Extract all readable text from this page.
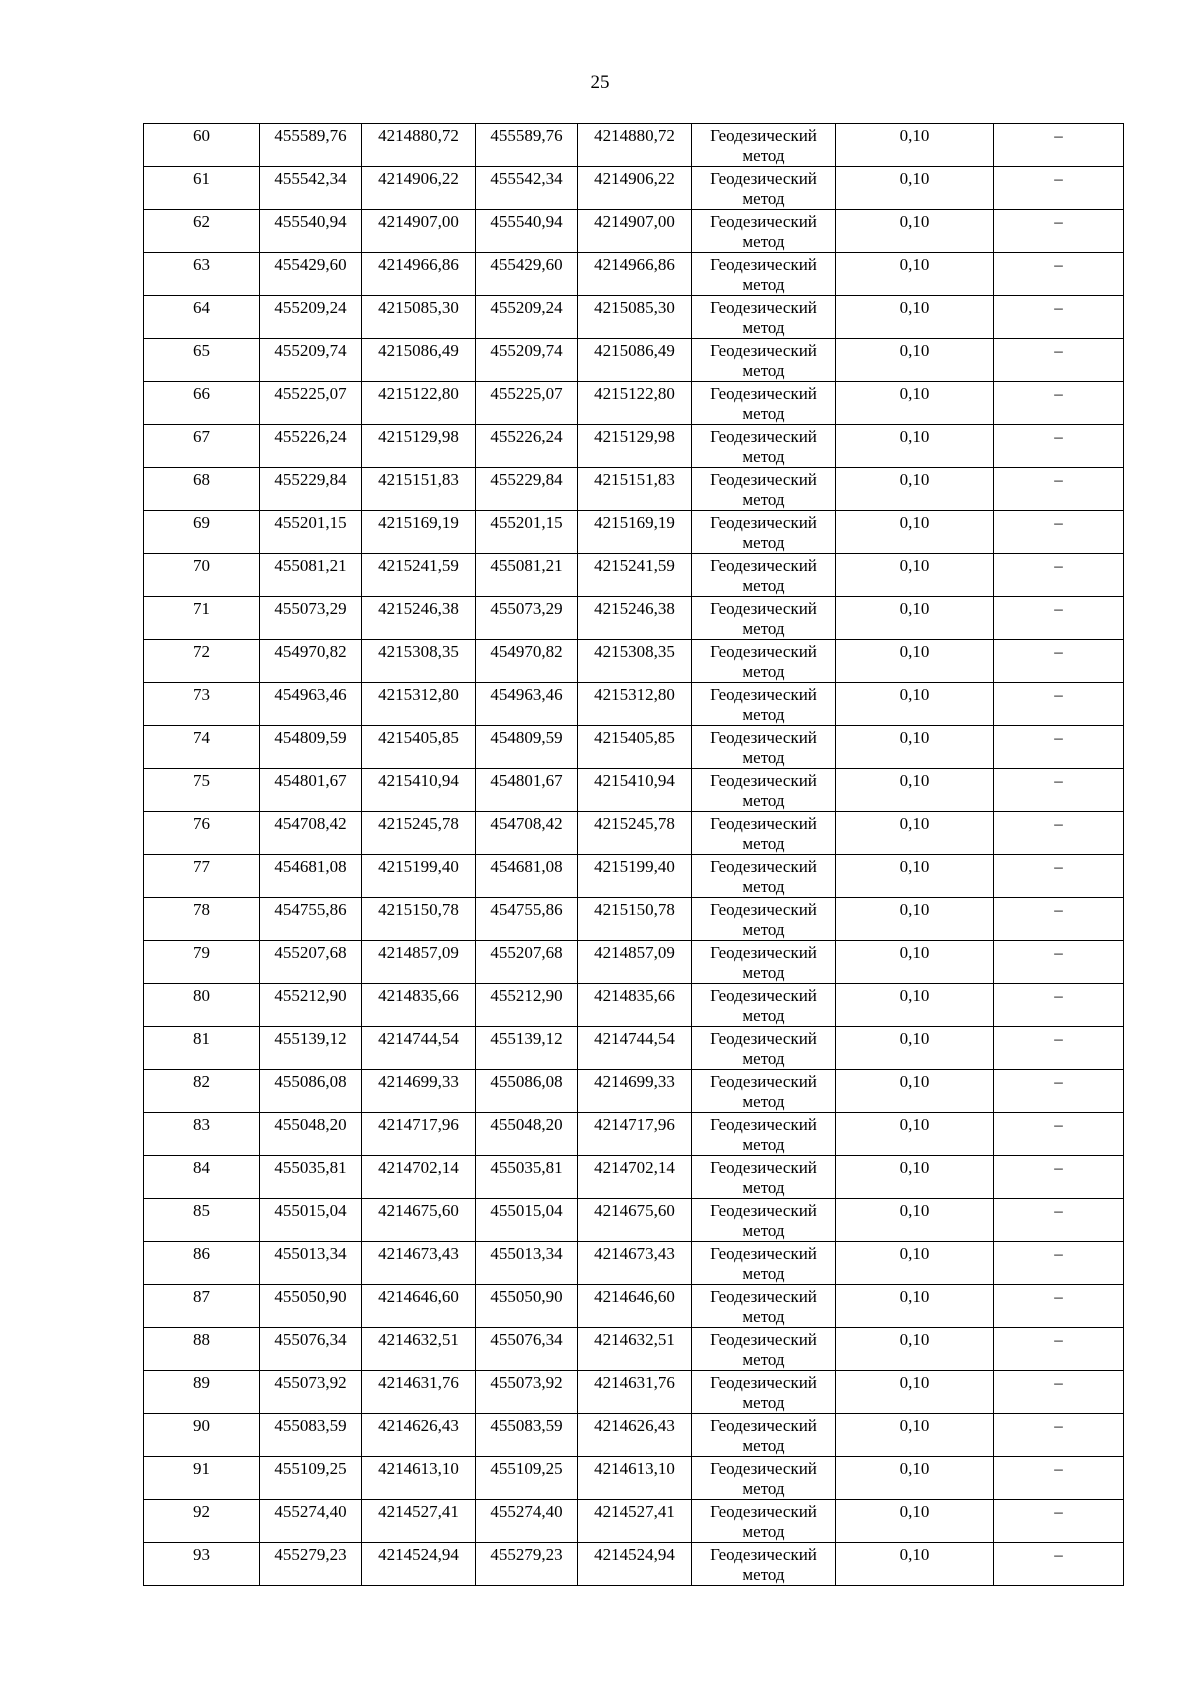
25
60	455589,76	4214880,72	455589,76	4214880,72	Геодезический метод	0,10	–
61	455542,34	4214906,22	455542,34	4214906,22	Геодезический метод	0,10	–
62	455540,94	4214907,00	455540,94	4214907,00	Геодезический метод	0,10	–
63	455429,60	4214966,86	455429,60	4214966,86	Геодезический метод	0,10	–
64	455209,24	4215085,30	455209,24	4215085,30	Геодезический метод	0,10	–
65	455209,74	4215086,49	455209,74	4215086,49	Геодезический метод	0,10	–
66	455225,07	4215122,80	455225,07	4215122,80	Геодезический метод	0,10	–
67	455226,24	4215129,98	455226,24	4215129,98	Геодезический метод	0,10	–
68	455229,84	4215151,83	455229,84	4215151,83	Геодезический метод	0,10	–
69	455201,15	4215169,19	455201,15	4215169,19	Геодезический метод	0,10	–
70	455081,21	4215241,59	455081,21	4215241,59	Геодезический метод	0,10	–
71	455073,29	4215246,38	455073,29	4215246,38	Геодезический метод	0,10	–
72	454970,82	4215308,35	454970,82	4215308,35	Геодезический метод	0,10	–
73	454963,46	4215312,80	454963,46	4215312,80	Геодезический метод	0,10	–
74	454809,59	4215405,85	454809,59	4215405,85	Геодезический метод	0,10	–
75	454801,67	4215410,94	454801,67	4215410,94	Геодезический метод	0,10	–
76	454708,42	4215245,78	454708,42	4215245,78	Геодезический метод	0,10	–
77	454681,08	4215199,40	454681,08	4215199,40	Геодезический метод	0,10	–
78	454755,86	4215150,78	454755,86	4215150,78	Геодезический метод	0,10	–
79	455207,68	4214857,09	455207,68	4214857,09	Геодезический метод	0,10	–
80	455212,90	4214835,66	455212,90	4214835,66	Геодезический метод	0,10	–
81	455139,12	4214744,54	455139,12	4214744,54	Геодезический метод	0,10	–
82	455086,08	4214699,33	455086,08	4214699,33	Геодезический метод	0,10	–
83	455048,20	4214717,96	455048,20	4214717,96	Геодезический метод	0,10	–
84	455035,81	4214702,14	455035,81	4214702,14	Геодезический метод	0,10	–
85	455015,04	4214675,60	455015,04	4214675,60	Геодезический метод	0,10	–
86	455013,34	4214673,43	455013,34	4214673,43	Геодезический метод	0,10	–
87	455050,90	4214646,60	455050,90	4214646,60	Геодезический метод	0,10	–
88	455076,34	4214632,51	455076,34	4214632,51	Геодезический метод	0,10	–
89	455073,92	4214631,76	455073,92	4214631,76	Геодезический метод	0,10	–
90	455083,59	4214626,43	455083,59	4214626,43	Геодезический метод	0,10	–
91	455109,25	4214613,10	455109,25	4214613,10	Геодезический метод	0,10	–
92	455274,40	4214527,41	455274,40	4214527,41	Геодезический метод	0,10	–
93	455279,23	4214524,94	455279,23	4214524,94	Геодезический метод	0,10	–
